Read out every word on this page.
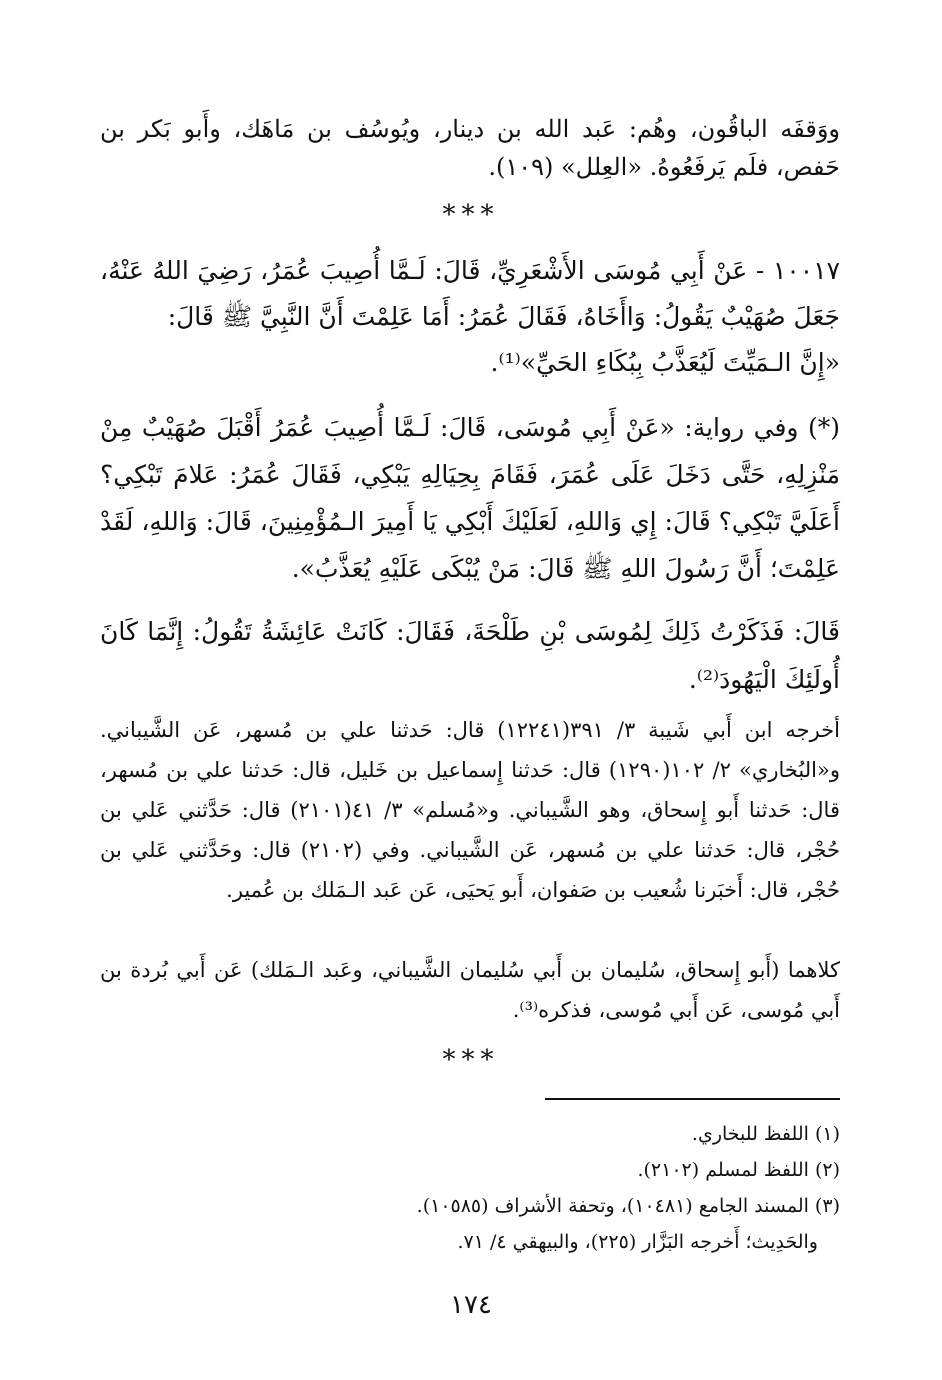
ووَقفَه الباقُون، وهُم: عَبد الله بن دينار، ويُوسُف بن مَاهَك، وأَبو بَكر بن حَفص، فلَم يَرفَعُوهُ. «العِلل» (١٠٩).

***

١٠٠١٧ - عَنْ أَبِي مُوسَى الأَشْعَرِيِّ، قَالَ: لَـمَّا أُصِيبَ عُمَرُ، رَضِيَ اللهُ عَنْهُ، جَعَلَ صُهَيْبٌ يَقُولُ: وَاأَخَاهُ، فَقَالَ عُمَرُ: أَمَا عَلِمْتَ أَنَّ النَّبِيَّ ﷺ قَالَ:

«إِنَّ الـمَيِّتَ لَيُعَذَّبُ بِبُكَاءِ الحَيِّ»⁽¹⁾.

(*) وفي رواية: «عَنْ أَبِي مُوسَى، قَالَ: لَـمَّا أُصِيبَ عُمَرُ أَقْبَلَ صُهَيْبٌ مِنْ مَنْزِلِهِ، حَتَّى دَخَلَ عَلَى عُمَرَ، فَقَامَ بِحِيَالِهِ يَبْكِي، فَقَالَ عُمَرُ: عَلامَ تَبْكِي؟ أَعَلَيَّ تَبْكِي؟ قَالَ: إِي وَاللهِ، لَعَلَيْكَ أَبْكِي يَا أَمِيرَ الـمُؤْمِنِينَ، قَالَ: وَاللهِ، لَقَدْ عَلِمْتَ؛ أَنَّ رَسُولَ اللهِ ﷺ قَالَ: مَنْ يُبْكَى عَلَيْهِ يُعَذَّبُ».

قَالَ: فَذَكَرْتُ ذَلِكَ لِمُوسَى بْنِ طَلْحَةَ، فَقَالَ: كَانَتْ عَائِشَةُ تَقُولُ: إِنَّمَا كَانَ أُولَئِكَ الْيَهُودَ⁽²⁾.

أخرجه ابن أَبي شَيبة ٣/ ٣٩١(١٢٢٤١) قال: حَدثنا علي بن مُسهر، عَن الشَّيباني. و«البُخاري» ٢/ ١٠٢(١٢٩٠) قال: حَدثنا إِسماعيل بن خَليل، قال: حَدثنا علي بن مُسهر، قال: حَدثنا أَبو إِسحاق، وهو الشَّيباني. و«مُسلم» ٣/ ٤١(٢١٠١) قال: حَدَّثني عَلي بن حُجْر، قال: حَدثنا علي بن مُسهر، عَن الشَّيباني. وفي (٢١٠٢) قال: وحَدَّثني عَلي بن حُجْر، قال: أَخبَرنا شُعيب بن صَفوان، أَبو يَحيَى، عَن عَبد الـمَلك بن عُمير.

كلاهما (أَبو إِسحاق، سُليمان بن أَبي سُليمان الشَّيباني، وعَبد الـمَلك) عَن أَبي بُردة بن أَبي مُوسى، عَن أَبي مُوسى، فذكره⁽³⁾.

***

(١) اللفظ للبخاري.

(٢) اللفظ لمسلم (٢١٠٢).

(٣) المسند الجامع (١٠٤٨١)، وتحفة الأشراف (١٠٥٨٥).

والحَدِيث؛ أَخرجه البَزَّار (٢٢٥)، والبيهقي ٤/ ٧١.

١٧٤
